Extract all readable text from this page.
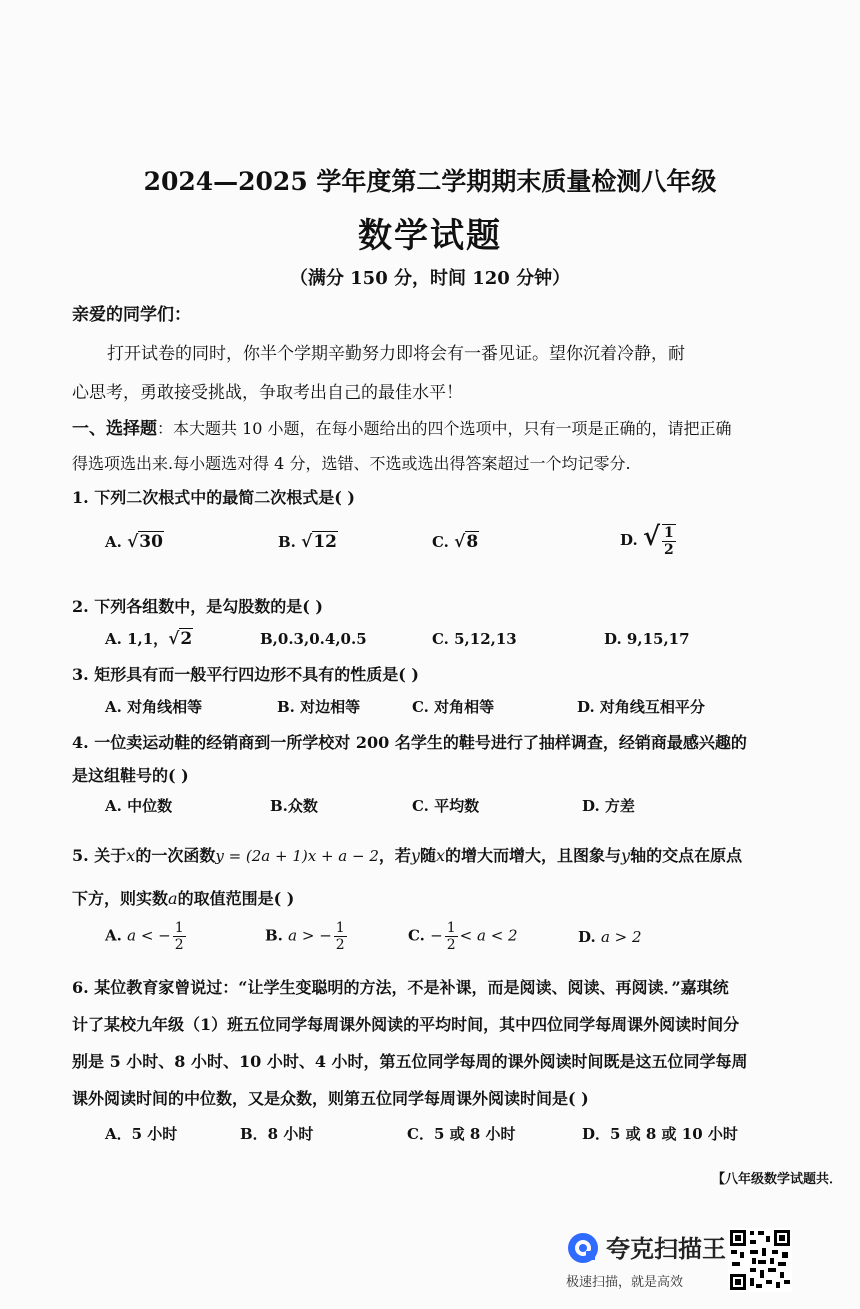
2024—2025 学年度第二学期期末质量检测八年级
数学试题
（满分 150 分，时间 120 分钟）
亲爱的同学们：
打开试卷的同时，你半个学期辛勤努力即将会有一番见证。望你沉着冷静，耐
心思考，勇敢接受挑战，争取考出自己的最佳水平！
一、选择题：本大题共 10 小题，在每小题给出的四个选项中，只有一项是正确的，请把正确
得选项选出来.每小题选对得 4 分，选错、不选或选出得答案超过一个均记零分.
1. 下列二次根式中的最简二次根式是( )
A. √30	B. √12	C. √8	D. √ $\frac{1}{2}$
2. 下列各组数中，是勾股数的是( )
A. 1,1，√2	B,0.3,0.4,0.5	C. 5,12,13	D. 9,15,17
3. 矩形具有而一般平行四边形不具有的性质是( )
A. 对角线相等	B. 对边相等	C. 对角相等	D. 对角线互相平分
4. 一位卖运动鞋的经销商到一所学校对 200 名学生的鞋号进行了抽样调查，经销商最感兴趣的
是这组鞋号的( )
A. 中位数	B.众数	C. 平均数	D. 方差
5. 关于x的一次函数y = (2a + 1)x + a − 2，若y随x的增大而增大，且图象与y轴的交点在原点
下方，则实数a的取值范围是( )
A. a < − $\frac{1}{2}$	B. a > − $\frac{1}{2}$	C. − $\frac{1}{2} < a < 2$	D. a > 2
6. 某位教育家曾说过：“让学生变聪明的方法，不是补课，而是阅读、阅读、再阅读．”嘉琪统
计了某校九年级（1）班五位同学每周课外阅读的平均时间，其中四位同学每周课外阅读时间分
别是 5 小时、8 小时、10 小时、4 小时，第五位同学每周的课外阅读时间既是这五位同学每周
课外阅读时间的中位数，又是众数，则第五位同学每周课外阅读时间是( )
A．5 小时	B．8 小时	C．5 或 8 小时	D．5 或 8 或 10 小时
【八年级数学试题共．
夸克扫描王
极速扫描，就是高效
